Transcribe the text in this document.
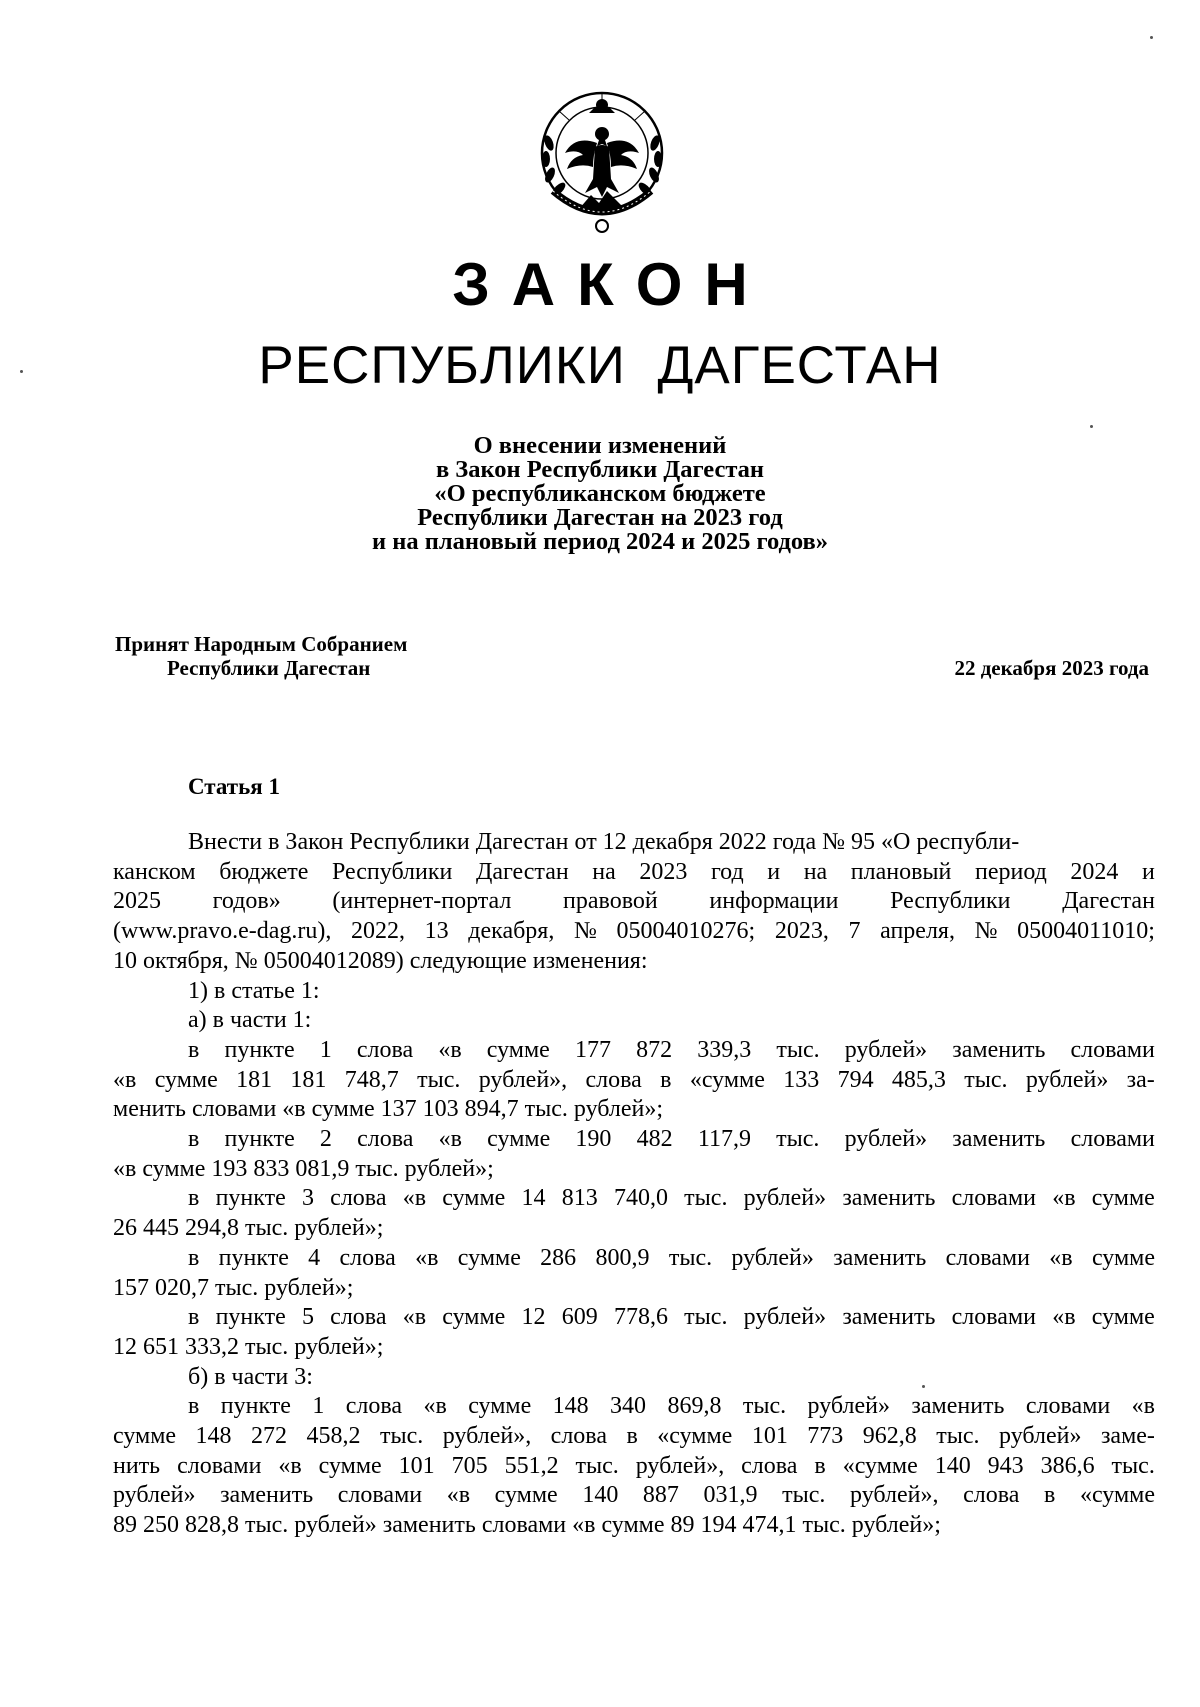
ЗАКОН
РЕСПУБЛИКИ ДАГЕСТАН
О внесении изменений
в Закон Республики Дагестан
«О республиканском бюджете
Республики Дагестан на 2023 год
и на плановый период 2024 и 2025 годов»
Принят Народным Собранием
Республики Дагестан	22 декабря 2023 года
Статья 1
Внести в Закон Республики Дагестан от 12 декабря 2022 года № 95 «О республи-
канском бюджете Республики Дагестан на 2023 год и на плановый период 2024 и
2025 годов» (интернет-портал правовой информации Республики Дагестан
(www.pravo.e-dag.ru), 2022, 13 декабря, № 05004010276; 2023, 7 апреля, № 05004011010;
10 октября, № 05004012089) следующие изменения:
1) в статье 1:
а) в части 1:
в пункте 1 слова «в сумме 177 872 339,3 тыс. рублей» заменить словами
«в сумме 181 181 748,7 тыс. рублей», слова в «сумме 133 794 485,3 тыс. рублей» за-
менить словами «в сумме 137 103 894,7 тыс. рублей»;
в пункте 2 слова «в сумме 190 482 117,9 тыс. рублей» заменить словами
«в сумме 193 833 081,9 тыс. рублей»;
в пункте 3 слова «в сумме 14 813 740,0 тыс. рублей» заменить словами «в сумме
26 445 294,8 тыс. рублей»;
в пункте 4 слова «в сумме 286 800,9 тыс. рублей» заменить словами «в сумме
157 020,7 тыс. рублей»;
в пункте 5 слова «в сумме 12 609 778,6 тыс. рублей» заменить словами «в сумме
12 651 333,2 тыс. рублей»;
б) в части 3:
в пункте 1 слова «в сумме 148 340 869,8 тыс. рублей» заменить словами «в
сумме 148 272 458,2 тыс. рублей», слова в «сумме 101 773 962,8 тыс. рублей» заме-
нить словами «в сумме 101 705 551,2 тыс. рублей», слова в «сумме 140 943 386,6 тыс.
рублей» заменить словами «в сумме 140 887 031,9 тыс. рублей», слова в «сумме
89 250 828,8 тыс. рублей» заменить словами «в сумме 89 194 474,1 тыс. рублей»;
